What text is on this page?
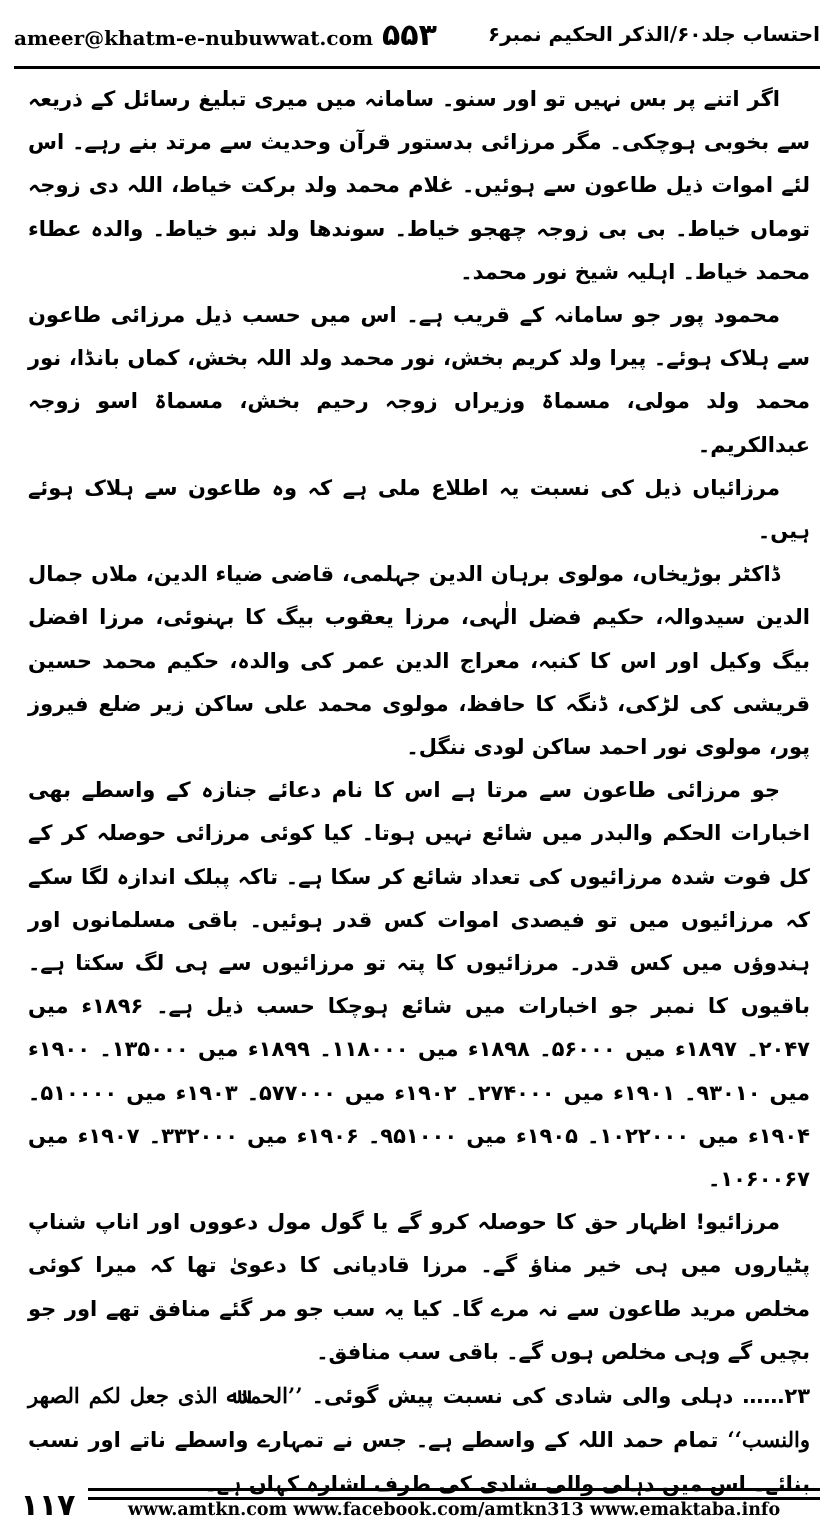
ameer@khatm-e-nubuwwat.com ۵۵۳	احتساب جلد۶۰/الذکر الحکیم نمبر۶

اگر اتنے پر بس نہیں تو اور سنو۔ سامانہ میں میری تبلیغ رسائل کے ذریعہ سے بخوبی ہوچکی۔ مگر مرزائی بدستور قرآن وحدیث سے مرتد بنے رہے۔ اس لئے اموات ذیل طاعون سے ہوئیں۔ غلام محمد ولد برکت خیاط، اللہ دی زوجہ توماں خیاط۔ بی بی زوجہ چھجو خیاط۔ سوندھا ولد نبو خیاط۔ والدہ عطاء محمد خیاط۔ اہلیہ شیخ نور محمد۔

محمود پور جو سامانہ کے قریب ہے۔ اس میں حسب ذیل مرزائی طاعون سے ہلاک ہوئے۔ پیرا ولد کریم بخش، نور محمد ولد اللہ بخش، کماں بانڈا، نور محمد ولد مولی، مسماۃ وزیراں زوجہ رحیم بخش، مسماۃ اسو زوجہ عبدالکریم۔

مرزائیاں ذیل کی نسبت یہ اطلاع ملی ہے کہ وہ طاعون سے ہلاک ہوئے ہیں۔

ڈاکٹر بوڑیخاں، مولوی برہان الدین جہلمی، قاضی ضیاء الدین، ملاں جمال الدین سیدوالہ، حکیم فضل الٰہی، مرزا یعقوب بیگ کا بہنوئی، مرزا افضل بیگ وکیل اور اس کا کنبہ، معراج الدین عمر کی والدہ، حکیم محمد حسین قریشی کی لڑکی، ڈنگہ کا حافظ، مولوی محمد علی ساکن زیر ضلع فیروز پور، مولوی نور احمد ساکن لودی ننگل۔

جو مرزائی طاعون سے مرتا ہے اس کا نام دعائے جنازہ کے واسطے بھی اخبارات الحکم والبدر میں شائع نہیں ہوتا۔ کیا کوئی مرزائی حوصلہ کر کے کل فوت شدہ مرزائیوں کی تعداد شائع کر سکا ہے۔ تاکہ پبلک اندازہ لگا سکے کہ مرزائیوں میں تو فیصدی اموات کس قدر ہوئیں۔ باقی مسلمانوں اور ہندوؤں میں کس قدر۔ مرزائیوں کا پتہ تو مرزائیوں سے ہی لگ سکتا ہے۔ باقیوں کا نمبر جو اخبارات میں شائع ہوچکا حسب ذیل ہے۔ ۱۸۹۶ء میں ۲۰۴۷۔ ۱۸۹۷ء میں ۵۶۰۰۰۔ ۱۸۹۸ء میں ۱۱۸۰۰۰۔ ۱۸۹۹ء میں ۱۳۵۰۰۰۔ ۱۹۰۰ء میں ۹۳۰۱۰۔ ۱۹۰۱ء میں ۲۷۴۰۰۰۔ ۱۹۰۲ء میں ۵۷۷۰۰۰۔ ۱۹۰۳ء میں ۵۱۰۰۰۰۔ ۱۹۰۴ء میں ۱۰۲۲۰۰۰۔ ۱۹۰۵ء میں ۹۵۱۰۰۰۔ ۱۹۰۶ء میں ۳۳۲۰۰۰۔ ۱۹۰۷ء میں ۱۰۶۰۰۶۷۔

مرزائیو! اظہار حق کا حوصلہ کرو گے یا گول مول دعووں اور اناپ شناپ پٹیاروں میں ہی خیر مناؤ گے۔ مرزا قادیانی کا دعویٰ تھا کہ میرا کوئی مخلص مرید طاعون سے نہ مرے گا۔ کیا یہ سب جو مر گئے منافق تھے اور جو بچیں گے وہی مخلص ہوں گے۔ باقی سب منافق۔

۲۳…… دہلی والی شادی کی نسبت پیش گوئی۔ ’’الحمدﷲ الذی جعل لکم الصھر والنسب‘‘ تمام حمد اللہ کے واسطے ہے۔ جس نے تمہارے واسطے ناتے اور نسب بنائے۔ اس میں دہلی والی شادی کی طرف اشارہ کہاں ہے۔

۱۱۷	www.amtkn.com www.facebook.com/amtkn313 www.emaktaba.info
